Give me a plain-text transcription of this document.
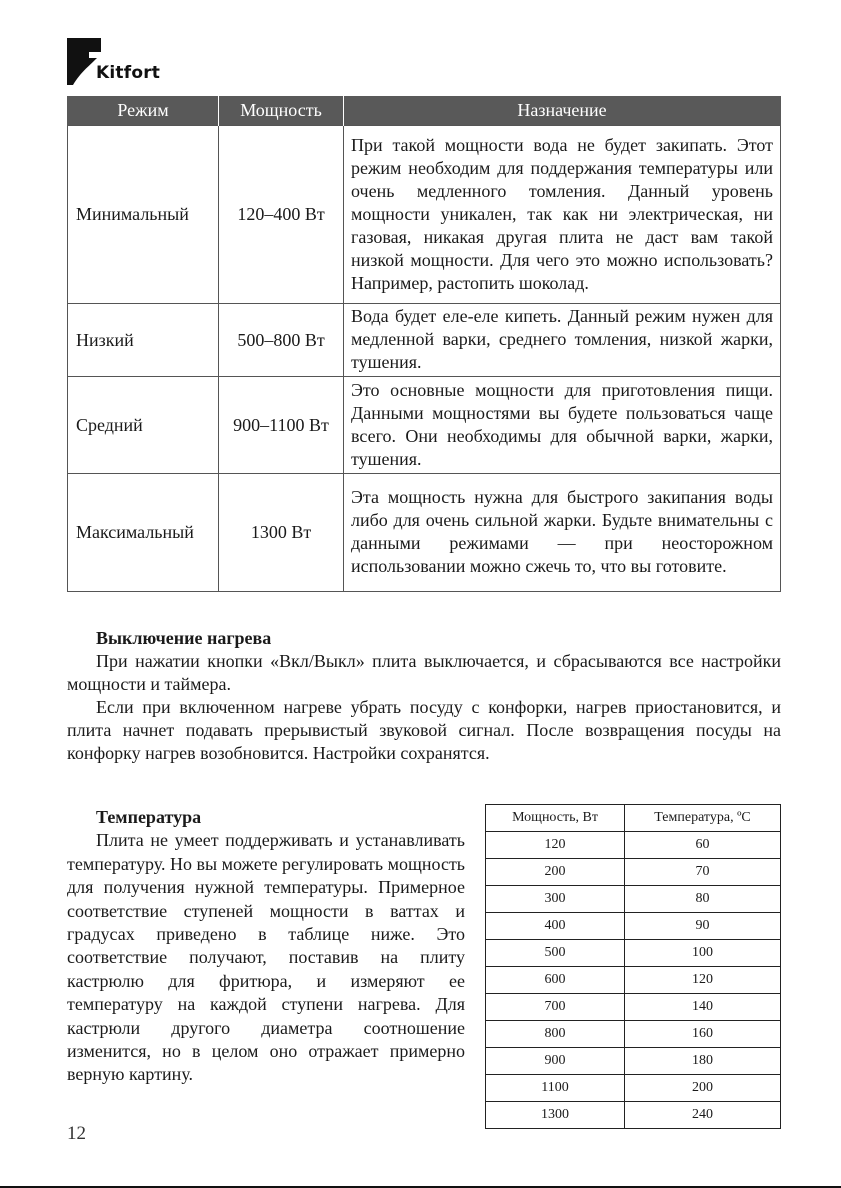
Kitfort
Режим	Мощность	Назначение
Минимальный	120–400 Вт	При такой мощности вода не будет закипать. Этот режим необходим для поддержания температуры или очень медленного томления. Данный уровень мощности уникален, так как ни электрическая, ни газовая, никакая другая плита не даст вам такой низкой мощности. Для чего это можно использовать? Например, растопить шоколад.
Низкий	500–800 Вт	Вода будет еле-еле кипеть. Данный режим нужен для медленной варки, среднего томления, низкой жарки, тушения.
Средний	900–1100 Вт	Это основные мощности для приготовления пищи. Данными мощностями вы будете пользоваться чаще всего. Они необходимы для обычной варки, жарки, тушения.
Максимальный	1300 Вт	Эта мощность нужна для быстрого закипания воды либо для очень сильной жарки. Будьте внимательны с данными режимами — при неосторожном использовании можно сжечь то, что вы готовите.
Выключение нагрева
При нажатии кнопки «Вкл/Выкл» плита выключается, и сбрасываются все настройки мощности и таймера.
Если при включенном нагреве убрать посуду с конфорки, нагрев приостановится, и плита начнет подавать прерывистый звуковой сигнал. После возвращения посуды на конфорку нагрев возобновится. Настройки сохранятся.
Температура
Плита не умеет поддерживать и устанавливать температуру. Но вы можете регулировать мощность для получения нужной температуры. Примерное соответствие ступеней мощности в ваттах и градусах приведено в таблице ниже. Это соответствие получают, поставив на плиту кастрюлю для фритюра, и измеряют ее температуру на каждой ступени нагрева. Для кастрюли другого диаметра соотношение изменится, но в целом оно отражает примерно верную картину.
Мощность, Вт	Температура, ºС
120	60
200	70
300	80
400	90
500	100
600	120
700	140
800	160
900	180
1100	200
1300	240
12
